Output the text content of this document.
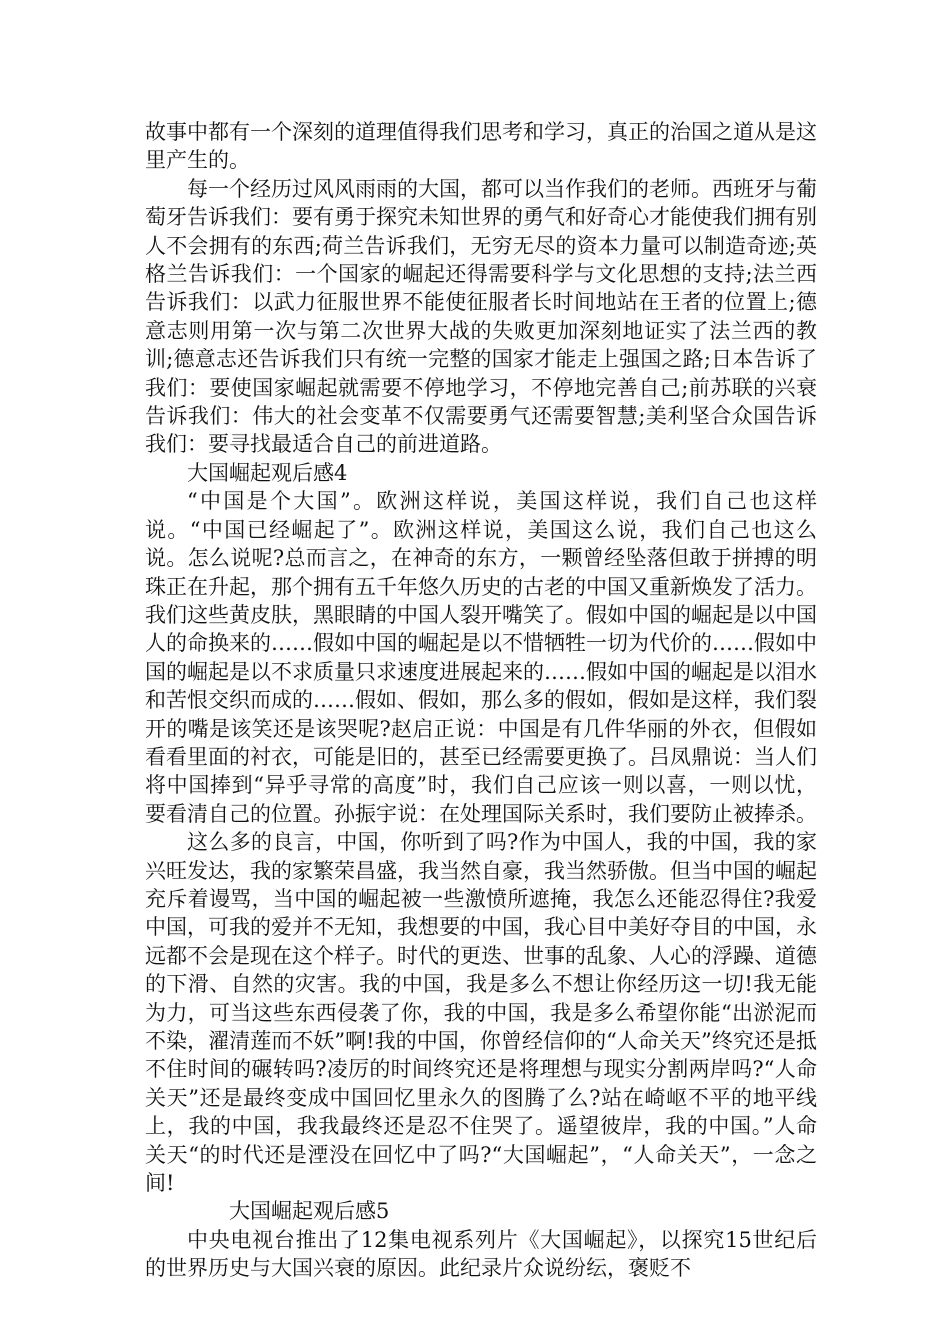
故事中都有一个深刻的道理值得我们思考和学习，真正的治国之道从是这里产生的。

每一个经历过风风雨雨的大国，都可以当作我们的老师。西班牙与葡萄牙告诉我们：要有勇于探究未知世界的勇气和好奇心才能使我们拥有别人不会拥有的东西;荷兰告诉我们，无穷无尽的资本力量可以制造奇迹;英格兰告诉我们：一个国家的崛起还得需要科学与文化思想的支持;法兰西告诉我们：以武力征服世界不能使征服者长时间地站在王者的位置上;德意志则用第一次与第二次世界大战的失败更加深刻地证实了法兰西的教训;德意志还告诉我们只有统一完整的国家才能走上强国之路;日本告诉了我们：要使国家崛起就需要不停地学习，不停地完善自己;前苏联的兴衰告诉我们：伟大的社会变革不仅需要勇气还需要智慧;美利坚合众国告诉我们：要寻找最适合自己的前进道路。

大国崛起观后感4

“中国是个大国”。欧洲这样说，美国这样说，我们自己也这样说。“中国已经崛起了”。欧洲这样说，美国这么说，我们自己也这么说。怎么说呢?总而言之，在神奇的东方，一颗曾经坠落但敢于拼搏的明珠正在升起，那个拥有五千年悠久历史的古老的中国又重新焕发了活力。我们这些黄皮肤，黑眼睛的中国人裂开嘴笑了。假如中国的崛起是以中国人的命换来的……假如中国的崛起是以不惜牺牲一切为代价的……假如中国的崛起是以不求质量只求速度进展起来的……假如中国的崛起是以泪水和苦恨交织而成的……假如、假如，那么多的假如，假如是这样，我们裂开的嘴是该笑还是该哭呢?赵启正说：中国是有几件华丽的外衣，但假如看看里面的衬衣，可能是旧的，甚至已经需要更换了。吕凤鼎说：当人们将中国捧到“异乎寻常的高度”时，我们自己应该一则以喜，一则以忧，要看清自己的位置。孙振宇说：在处理国际关系时，我们要防止被捧杀。

这么多的良言，中国，你听到了吗?作为中国人，我的中国，我的家兴旺发达，我的家繁荣昌盛，我当然自豪，我当然骄傲。但当中国的崛起充斥着谩骂，当中国的崛起被一些激愤所遮掩，我怎么还能忍得住?我爱中国，可我的爱并不无知，我想要的中国，我心目中美好夺目的中国，永远都不会是现在这个样子。时代的更迭、世事的乱象、人心的浮躁、道德的下滑、自然的灾害。我的中国，我是多么不想让你经历这一切!我无能为力，可当这些东西侵袭了你，我的中国，我是多么希望你能“出淤泥而不染，濯清莲而不妖”啊!我的中国，你曾经信仰的“人命关天”终究还是抵不住时间的碾转吗?凌厉的时间终究还是将理想与现实分割两岸吗?“人命关天”还是最终变成中国回忆里永久的图腾了么?站在崎岖不平的地平线上，我的中国，我我最终还是忍不住哭了。遥望彼岸，我的中国。”人命关天“的时代还是湮没在回忆中了吗?“大国崛起”，“人命关天”，一念之间!

大国崛起观后感5

中央电视台推出了12集电视系列片《大国崛起》，以探究15世纪后的世界历史与大国兴衰的原因。此纪录片众说纷纭，褒贬不
